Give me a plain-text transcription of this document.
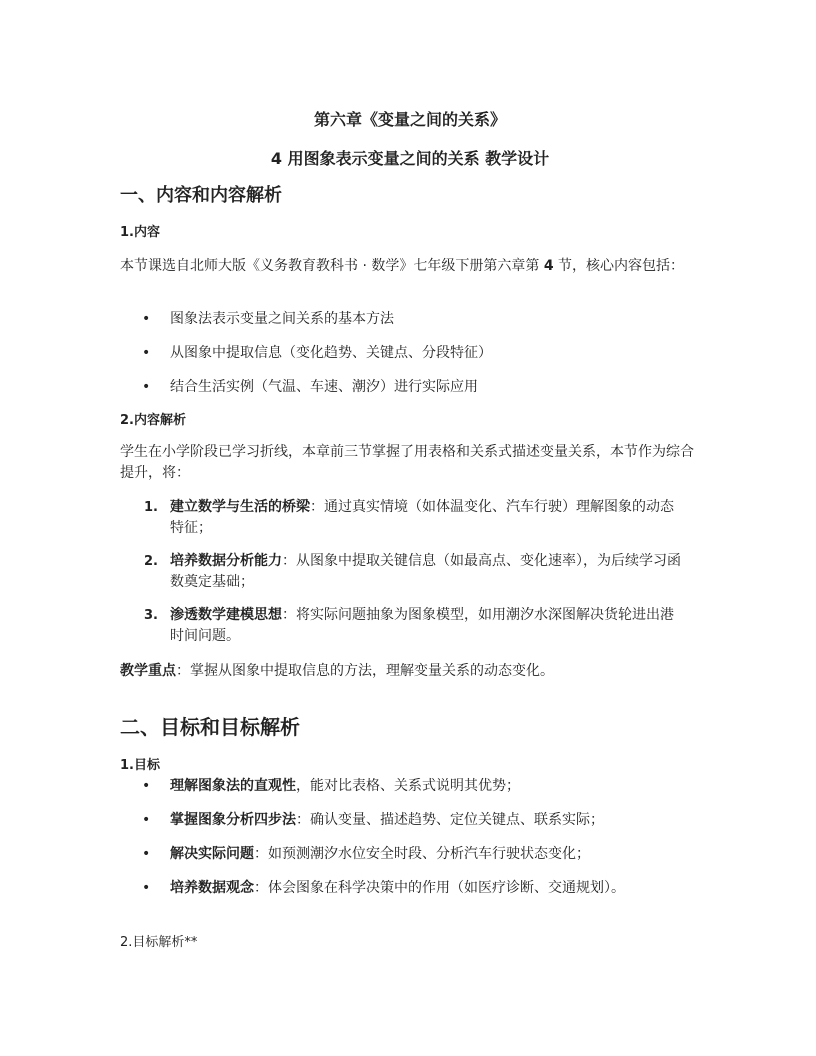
第六章《变量之间的关系》
4 用图象表示变量之间的关系 教学设计
一、内容和内容解析
1.内容
本节课选自北师大版《义务教育教科书 · 数学》七年级下册第六章第 4 节，核心内容包括：
• 图象法表示变量之间关系的基本方法
• 从图象中提取信息（变化趋势、关键点、分段特征）
• 结合生活实例（气温、车速、潮汐）进行实际应用
2.内容解析
学生在小学阶段已学习折线，本章前三节掌握了用表格和关系式描述变量关系，本节作为综合提升，将：
1. 建立数学与生活的桥梁：通过真实情境（如体温变化、汽车行驶）理解图象的动态特征；
2. 培养数据分析能力：从图象中提取关键信息（如最高点、变化速率），为后续学习函数奠定基础；
3. 渗透数学建模思想：将实际问题抽象为图象模型，如用潮汐水深图解决货轮进出港时间问题。
教学重点：掌握从图象中提取信息的方法，理解变量关系的动态变化。
二、目标和目标解析
1.目标
• 理解图象法的直观性，能对比表格、关系式说明其优势；
• 掌握图象分析四步法：确认变量、描述趋势、定位关键点、联系实际；
• 解决实际问题：如预测潮汐水位安全时段、分析汽车行驶状态变化；
• 培养数据观念：体会图象在科学决策中的作用（如医疗诊断、交通规划）。
2.目标解析**
